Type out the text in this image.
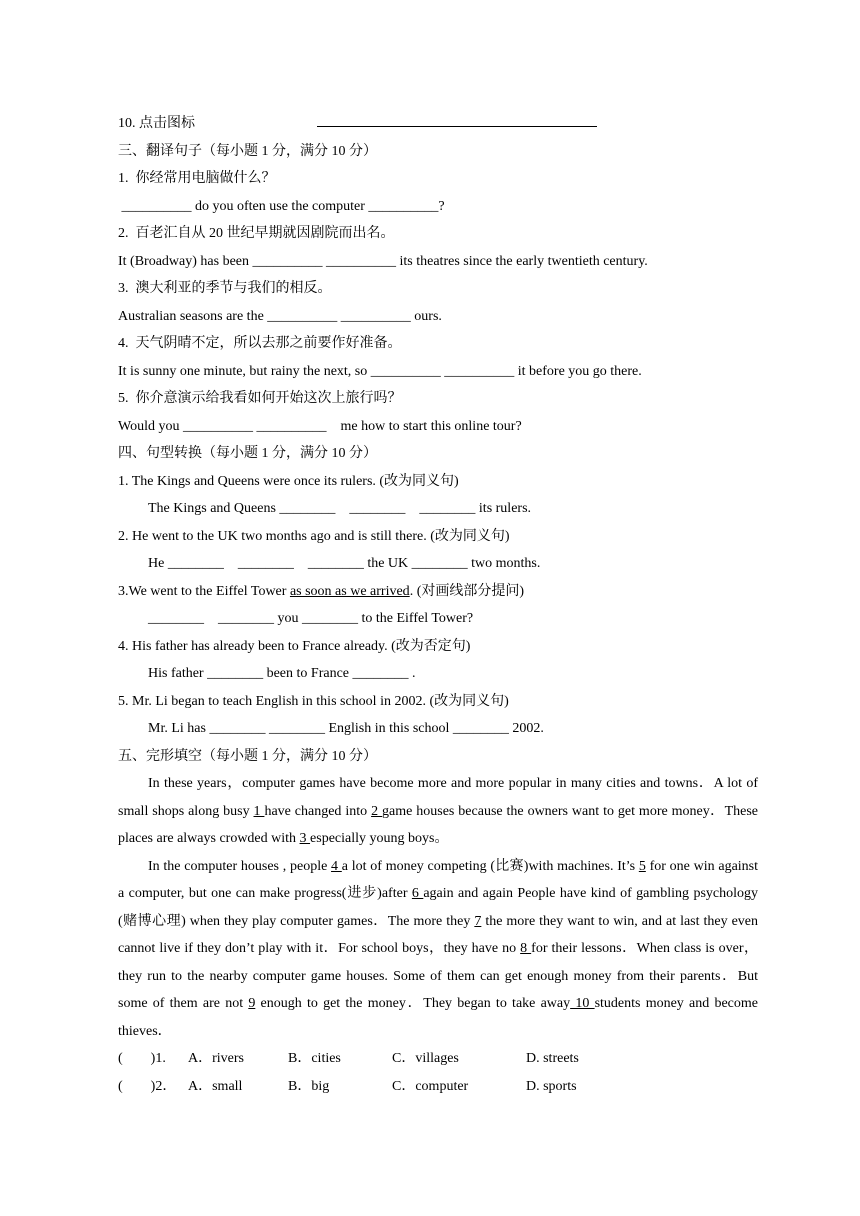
10. 点击图标
三、翻译句子（每小题 1 分，满分 10 分）
1.  你经常用电脑做什么？
__________ do you often use the computer __________?
2.  百老汇自从 20 世纪早期就因剧院而出名。
It (Broadway) has been __________ __________ its theatres since the early twentieth century.
3.  澳大利亚的季节与我们的相反。
Australian seasons are the __________ __________ ours.
4.  天气阴晴不定，所以去那之前要作好准备。
It is sunny one minute, but rainy the next, so __________ __________ it before you go there.
5.  你介意演示给我看如何开始这次上旅行吗？
Would you __________ __________    me how to start this online tour?
四、句型转换（每小题 1 分，满分 10 分）
1. The Kings and Queens were once its rulers. (改为同义句)
The Kings and Queens ________    ________    ________ its rulers.
2. He went to the UK two months ago and is still there. (改为同义句)
He ________    ________    ________ the UK ________ two months.
3.We went to the Eiffel Tower as soon as we arrived. (对画线部分提问)
________    ________ you ________ to the Eiffel Tower?
4. His father has already been to France already. (改为否定句)
His father ________ been to France ________ .
5. Mr. Li began to teach English in this school in 2002. (改为同义句)
Mr. Li has ________ ________ English in this school ________ 2002.
五、完形填空（每小题 1 分，满分 10 分）
In these years，computer games have become more and more popular in many cities and towns．A lot of small shops along busy 1 have changed into 2 game houses because the owners want to get more money．These places are always crowded with 3 especially young boys。
In the computer houses , people 4 a lot of money competing (比赛)with machines. It’s 5 for one win against a computer, but one can make progress(进步)after 6 again and again People have kind of gambling psychology (赌博心理) when they play computer games．The more they 7 the more they want to win, and at last they even cannot live if they don’t play with it．For school boys，they have no 8 for their lessons．When class is over，they run to the nearby computer game houses. Some of them can get enough money from their parents．But some of them are not 9 enough to get the money．They began to take away 10 students money and become thieves．
(        )1. A．rivers	B．cities	C．villages	D. streets
(        )2． A．small	B．big	C．computer	D. sports
